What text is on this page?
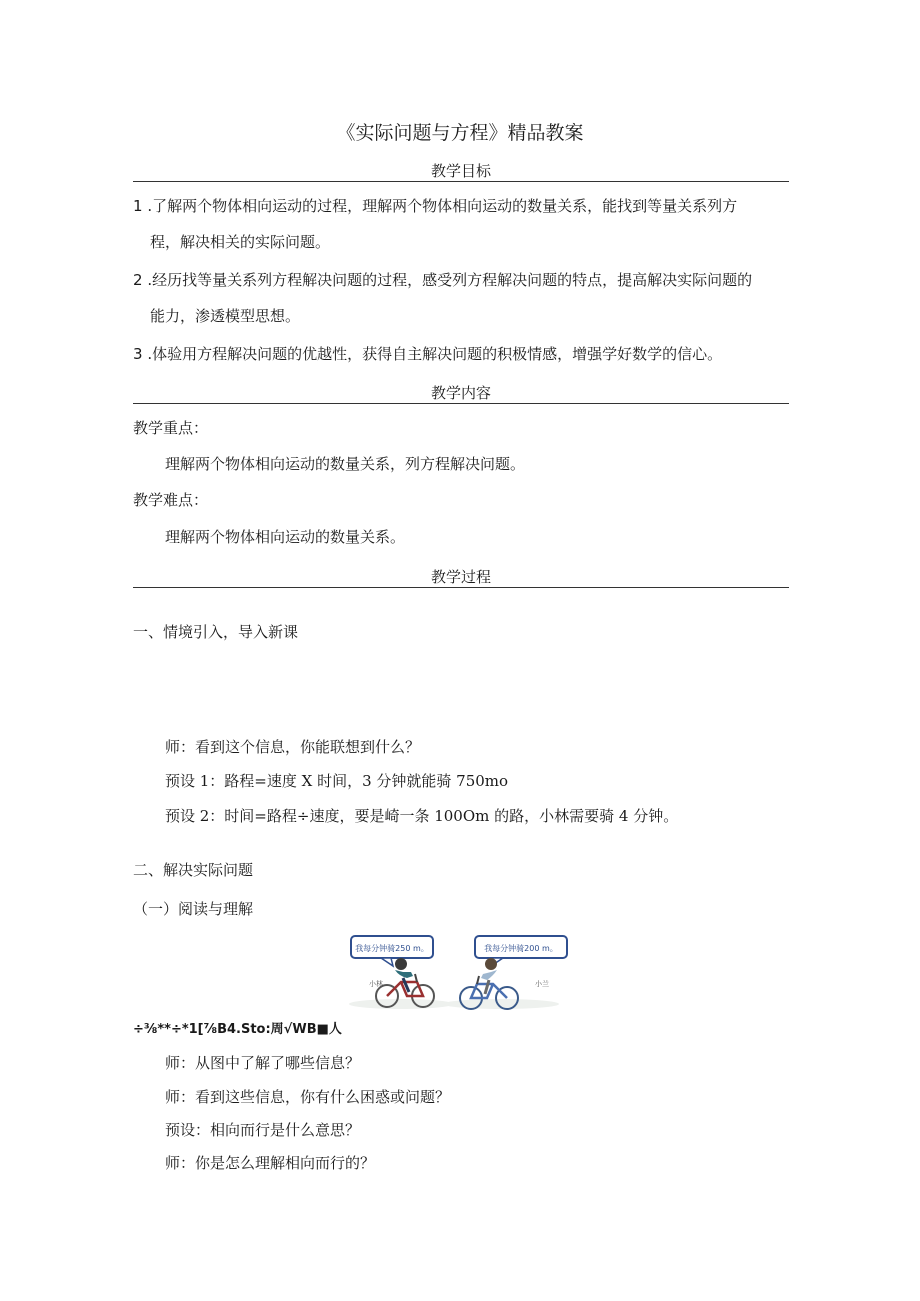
《实际问题与方程》精品教案
教学目标
1 .了解两个物体相向运动的过程，理解两个物体相向运动的数量关系，能找到等量关系列方
程，解决相关的实际问题。
2 .经历找等量关系列方程解决问题的过程，感受列方程解决问题的特点，提高解决实际问题的
能力，渗透模型思想。
3 .体验用方程解决问题的优越性，获得自主解决问题的积极情感，增强学好数学的信心。
教学内容
教学重点：
理解两个物体相向运动的数量关系，列方程解决问题。
教学难点：
理解两个物体相向运动的数量关系。
教学过程
一、情境引入，导入新课
师：看到这个信息，你能联想到什么？
预设 1：路程=速度 X 时间，3 分钟就能骑 750mo
预设 2：时间=路程÷速度，要是崎一条 100Om 的路，小林需要骑 4 分钟。
二、解决实际问题
（一）阅读与理解
我每分钟骑250 m。	我每分钟骑200 m。
小林	小兰
÷⅜**÷*1[⅞B4.Sto:周√WB■人
师：从图中了解了哪些信息？
师：看到这些信息，你有什么困惑或问题？
预设：相向而行是什么意思？
师：你是怎么理解相向而行的？
